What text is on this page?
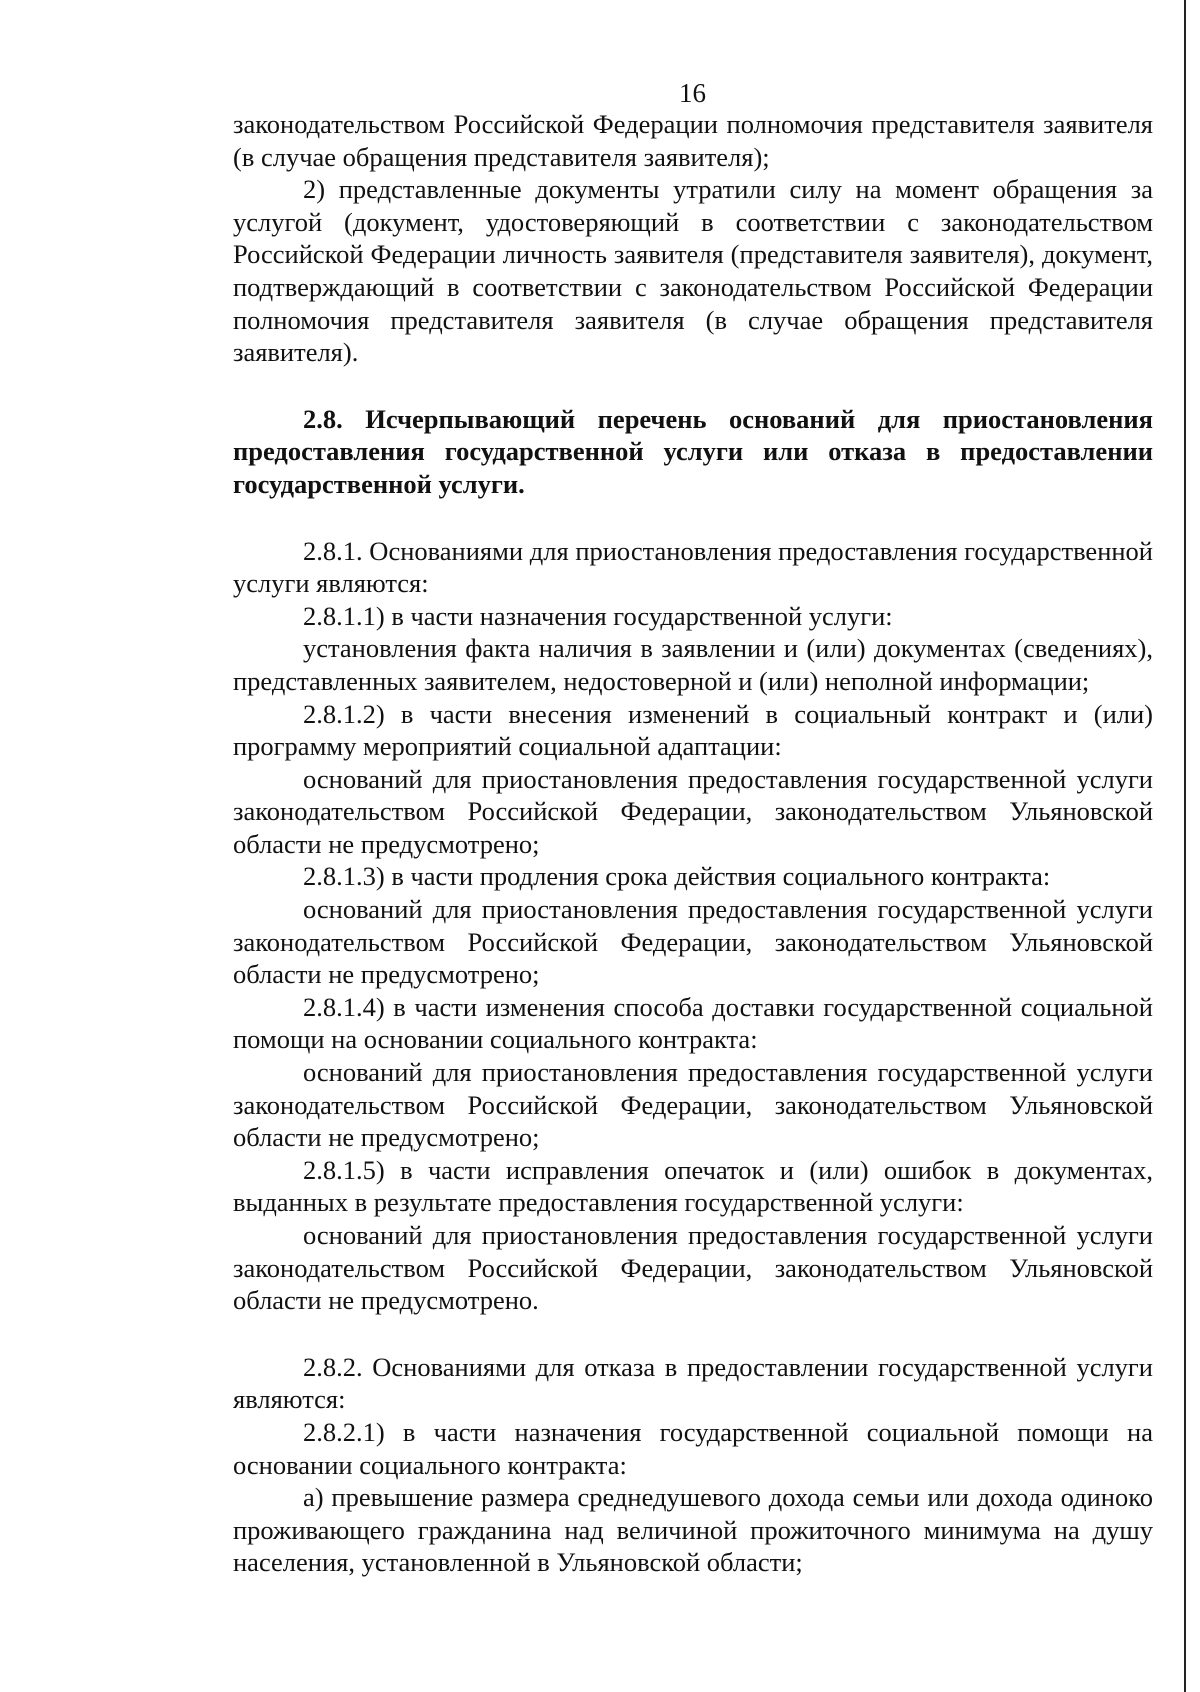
16

законодательством Российской Федерации полномочия представителя заявителя (в случае обращения представителя заявителя);

2) представленные документы утратили силу на момент обращения за услугой (документ, удостоверяющий в соответствии с законодательством Российской Федерации личность заявителя (представителя заявителя), документ, подтверждающий в соответствии с законодательством Российской Федерации полномочия представителя заявителя (в случае обращения представителя заявителя).

2.8. Исчерпывающий перечень оснований для приостановления предоставления государственной услуги или отказа в предоставлении государственной услуги.

2.8.1. Основаниями для приостановления предоставления государственной услуги являются:

2.8.1.1) в части назначения государственной услуги:

установления факта наличия в заявлении и (или) документах (сведениях), представленных заявителем, недостоверной и (или) неполной информации;

2.8.1.2) в части внесения изменений в социальный контракт и (или) программу мероприятий социальной адаптации:

оснований для приостановления предоставления государственной услуги законодательством Российской Федерации, законодательством Ульяновской области не предусмотрено;

2.8.1.3) в части продления срока действия социального контракта:

оснований для приостановления предоставления государственной услуги законодательством Российской Федерации, законодательством Ульяновской области не предусмотрено;

2.8.1.4) в части изменения способа доставки государственной социальной помощи на основании социального контракта:

оснований для приостановления предоставления государственной услуги законодательством Российской Федерации, законодательством Ульяновской области не предусмотрено;

2.8.1.5) в части исправления опечаток и (или) ошибок в документах, выданных в результате предоставления государственной услуги:

оснований для приостановления предоставления государственной услуги законодательством Российской Федерации, законодательством Ульяновской области не предусмотрено.

2.8.2. Основаниями для отказа в предоставлении государственной услуги являются:

2.8.2.1) в части назначения государственной социальной помощи на основании социального контракта:

а) превышение размера среднедушевого дохода семьи или дохода одиноко проживающего гражданина над величиной прожиточного минимума на душу населения, установленной в Ульяновской области;
